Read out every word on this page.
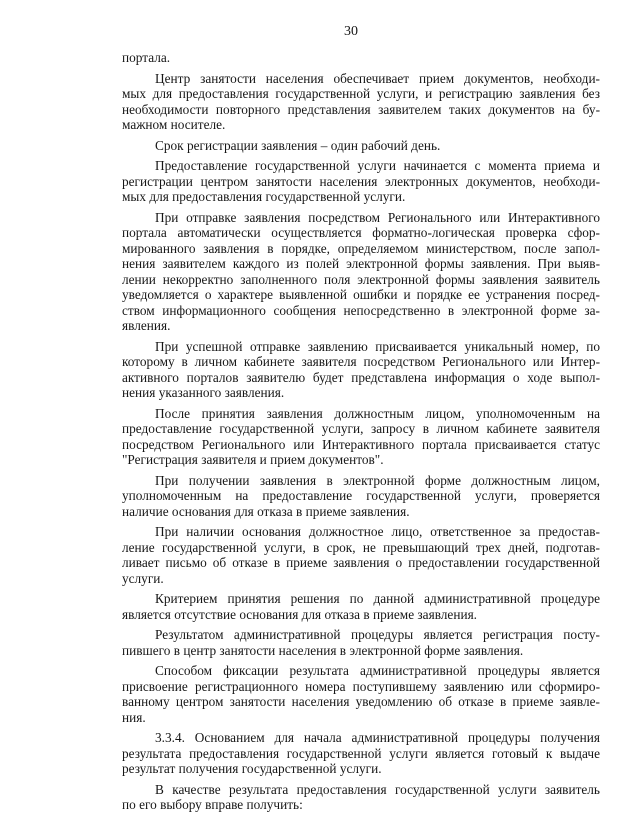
30
портала.
Центр занятости населения обеспечивает прием документов, необходи-
мых для предоставления государственной услуги, и регистрацию заявления без
необходимости повторного представления заявителем таких документов на бу-
мажном носителе.
Срок регистрации заявления – один рабочий день.
Предоставление государственной услуги начинается с момента приема и
регистрации центром занятости населения электронных документов, необходи-
мых для предоставления государственной услуги.
При отправке заявления посредством Регионального или Интерактивного
портала автоматически осуществляется форматно-логическая проверка сфор-
мированного заявления в порядке, определяемом министерством, после запол-
нения заявителем каждого из полей электронной формы заявления. При выяв-
лении некорректно заполненного поля электронной формы заявления заявитель
уведомляется о характере выявленной ошибки и порядке ее устранения посред-
ством информационного сообщения непосредственно в электронной форме за-
явления.
При успешной отправке заявлению присваивается уникальный номер, по
которому в личном кабинете заявителя посредством Регионального или Интер-
активного порталов заявителю будет представлена информация о ходе выпол-
нения указанного заявления.
После принятия заявления должностным лицом, уполномоченным на
предоставление государственной услуги, запросу в личном кабинете заявителя
посредством Регионального или Интерактивного портала присваивается статус
"Регистрация заявителя и прием документов".
При получении заявления в электронной форме должностным лицом,
уполномоченным на предоставление государственной услуги, проверяется
наличие основания для отказа в приеме заявления.
При наличии основания должностное лицо, ответственное за предостав-
ление государственной услуги, в срок, не превышающий трех дней, подготав-
ливает письмо об отказе в приеме заявления о предоставлении государственной
услуги.
Критерием принятия решения по данной административной процедуре
является отсутствие основания для отказа в приеме заявления.
Результатом административной процедуры является регистрация посту-
пившего в центр занятости населения в электронной форме заявления.
Способом фиксации результата административной процедуры является
присвоение регистрационного номера поступившему заявлению или сформиро-
ванному центром занятости населения уведомлению об отказе в приеме заявле-
ния.
3.3.4. Основанием для начала административной процедуры получения
результата предоставления государственной услуги является готовый к выдаче
результат получения государственной услуги.
В качестве результата предоставления государственной услуги заявитель
по его выбору вправе получить:
